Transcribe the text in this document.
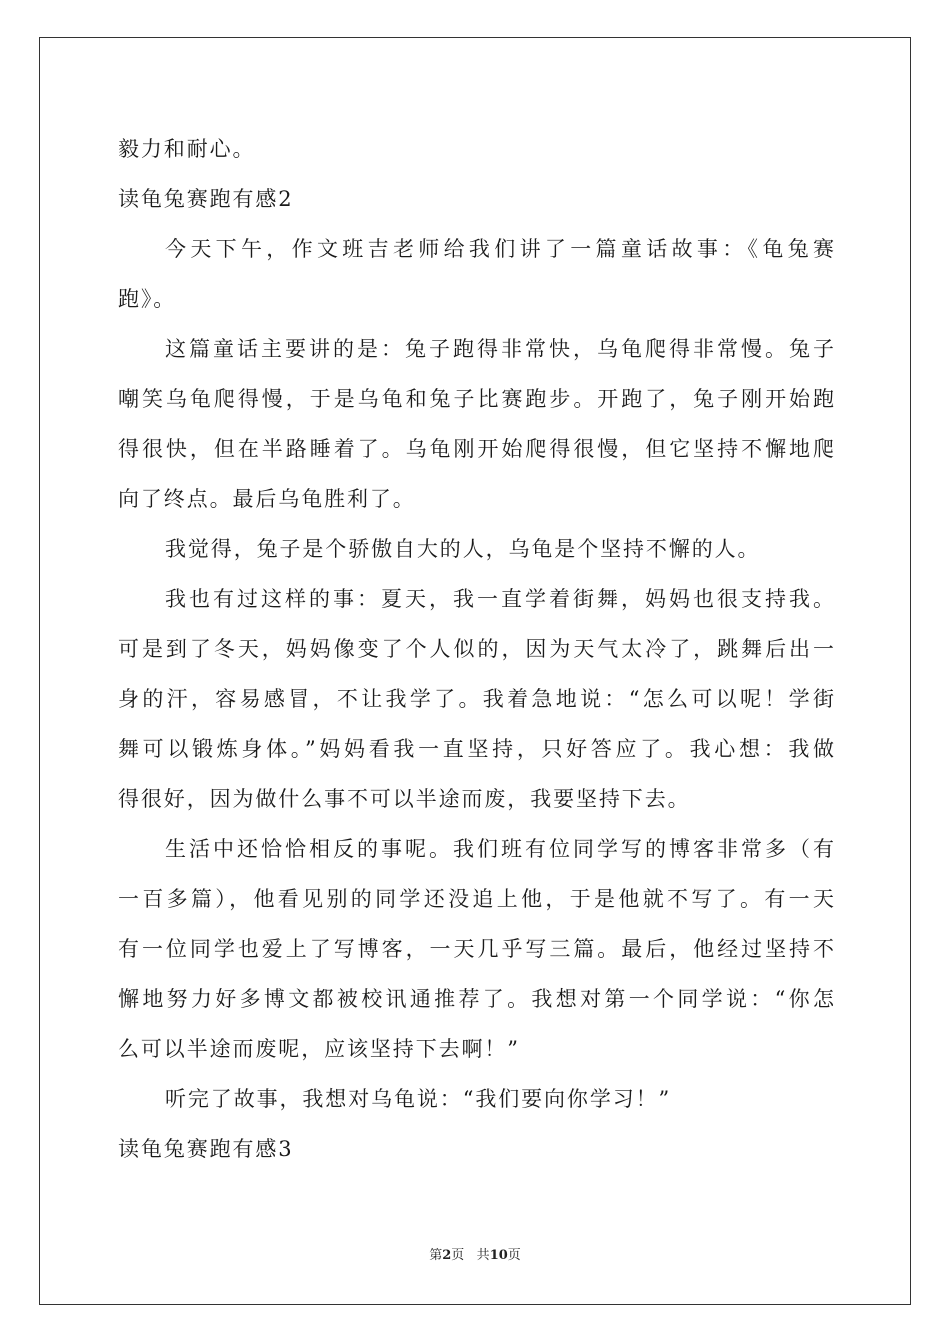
毅力和耐心。
读龟兔赛跑有感2
今天下午，作文班吉老师给我们讲了一篇童话故事：《龟兔赛
跑》。
这篇童话主要讲的是：兔子跑得非常快，乌龟爬得非常慢。兔子
嘲笑乌龟爬得慢，于是乌龟和兔子比赛跑步。开跑了，兔子刚开始跑
得很快，但在半路睡着了。乌龟刚开始爬得很慢，但它坚持不懈地爬
向了终点。最后乌龟胜利了。
我觉得，兔子是个骄傲自大的人，乌龟是个坚持不懈的人。
我也有过这样的事：夏天，我一直学着街舞，妈妈也很支持我。
可是到了冬天，妈妈像变了个人似的，因为天气太冷了，跳舞后出一
身的汗，容易感冒，不让我学了。我着急地说：“怎么可以呢！学街
舞可以锻炼身体。”妈妈看我一直坚持，只好答应了。我心想：我做
得很好，因为做什么事不可以半途而废，我要坚持下去。
生活中还恰恰相反的事呢。我们班有位同学写的博客非常多（有
一百多篇），他看见别的同学还没追上他，于是他就不写了。有一天
有一位同学也爱上了写博客，一天几乎写三篇。最后，他经过坚持不
懈地努力好多博文都被校讯通推荐了。我想对第一个同学说：“你怎
么可以半途而废呢，应该坚持下去啊！”
听完了故事，我想对乌龟说：“我们要向你学习！”
读龟兔赛跑有感3
第2页 共10页
